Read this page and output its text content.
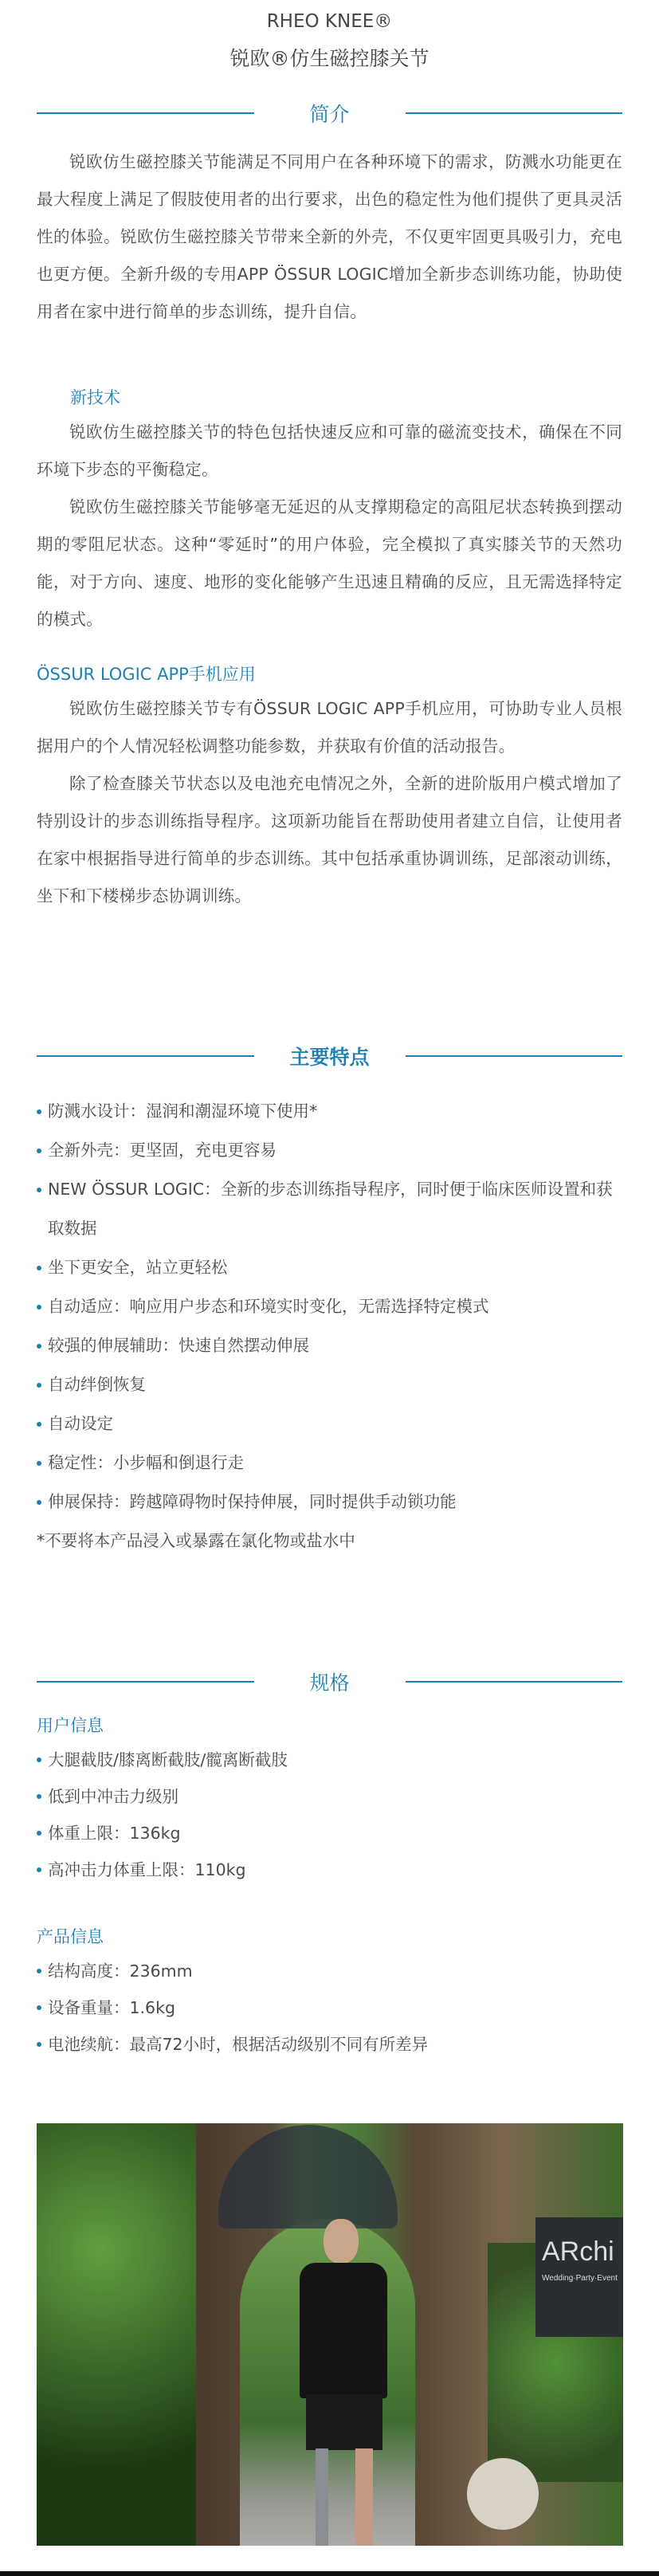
RHEO KNEE®
锐欧®仿生磁控膝关节
简介

锐欧仿生磁控膝关节能满足不同用户在各种环境下的需求，防溅水功能更在最大程度上满足了假肢使用者的出行要求，出色的稳定性为他们提供了更具灵活性的体验。锐欧仿生磁控膝关节带来全新的外壳，不仅更牢固更具吸引力，充电也更方便。全新升级的专用APP ÖSSUR LOGIC增加全新步态训练功能，协助使用者在家中进行简单的步态训练，提升自信。

新技术

锐欧仿生磁控膝关节的特色包括快速反应和可靠的磁流变技术，确保在不同环境下步态的平衡稳定。

锐欧仿生磁控膝关节能够毫无延迟的从支撑期稳定的高阻尼状态转换到摆动期的零阻尼状态。这种“零延时”的用户体验，完全模拟了真实膝关节的天然功能，对于方向、速度、地形的变化能够产生迅速且精确的反应，且无需选择特定的模式。

ÖSSUR LOGIC APP手机应用

锐欧仿生磁控膝关节专有ÖSSUR LOGIC APP手机应用，可协助专业人员根据用户的个人情况轻松调整功能参数，并获取有价值的活动报告。

除了检查膝关节状态以及电池充电情况之外，全新的进阶版用户模式增加了特别设计的步态训练指导程序。这项新功能旨在帮助使用者建立自信，让使用者在家中根据指导进行简单的步态训练。其中包括承重协调训练，足部滚动训练，坐下和下楼梯步态协调训练。

主要特点
防溅水设计：湿润和潮湿环境下使用*
全新外壳：更坚固，充电更容易
NEW ÖSSUR LOGIC：全新的步态训练指导程序，同时便于临床医师设置和获取数据
坐下更安全，站立更轻松
自动适应：响应用户步态和环境实时变化，无需选择特定模式
较强的伸展辅助：快速自然摆动伸展
自动绊倒恢复
自动设定
稳定性：小步幅和倒退行走
伸展保持：跨越障碍物时保持伸展，同时提供手动锁功能
*不要将本产品浸入或暴露在氯化物或盐水中
规格
用户信息
大腿截肢/膝离断截肢/髋离断截肢
低到中冲击力级别
体重上限：136kg
高冲击力体重上限：110kg
产品信息
结构高度：236mm
设备重量：1.6kg
电池续航：最高72小时，根据活动级别不同有所差异
ARchi
Wedding·Party·Event
